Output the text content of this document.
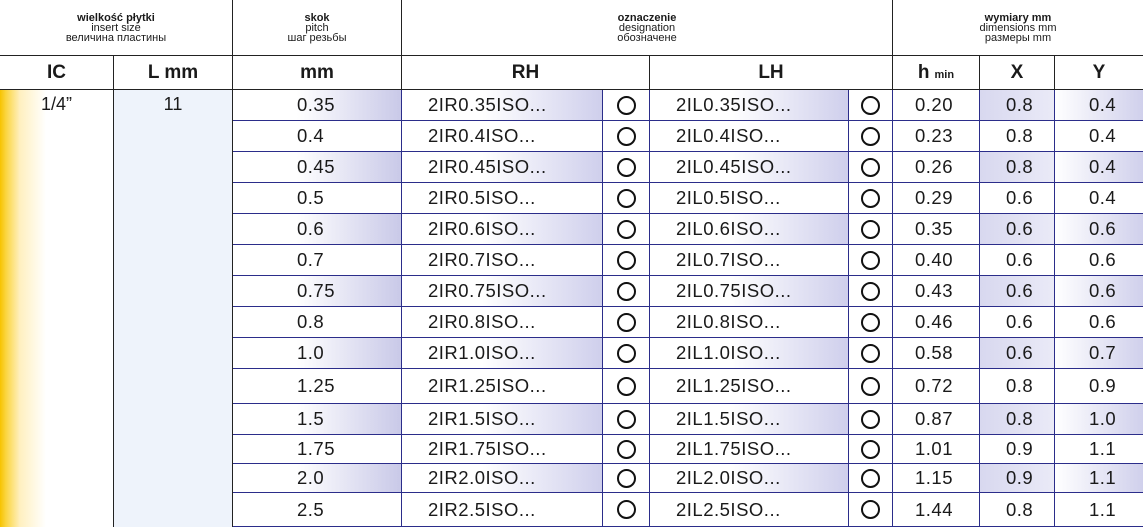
wielkość płytki
insert size
величина пластины
skok
pitch
шаг резьбы
oznaczenie
designation
обозначене
wymiary mm
dimensions mm
размеры mm
IC	L mm	mm	RH	LH	h min	X	Y
1/4”	11	0.35	2IR0.35ISO...	2IL0.35ISO...	0.20	0.8	0.4
0.4	2IR0.4ISO...	2IL0.4ISO...	0.23	0.8	0.4
0.45	2IR0.45ISO...	2IL0.45ISO...	0.26	0.8	0.4
0.5	2IR0.5ISO...	2IL0.5ISO...	0.29	0.6	0.4
0.6	2IR0.6ISO...	2IL0.6ISO...	0.35	0.6	0.6
0.7	2IR0.7ISO...	2IL0.7ISO...	0.40	0.6	0.6
0.75	2IR0.75ISO...	2IL0.75ISO...	0.43	0.6	0.6
0.8	2IR0.8ISO...	2IL0.8ISO...	0.46	0.6	0.6
1.0	2IR1.0ISO...	2IL1.0ISO...	0.58	0.6	0.7
1.25	2IR1.25ISO...	2IL1.25ISO...	0.72	0.8	0.9
1.5	2IR1.5ISO...	2IL1.5ISO...	0.87	0.8	1.0
1.75	2IR1.75ISO...	2IL1.75ISO...	1.01	0.9	1.1
2.0	2IR2.0ISO...	2IL2.0ISO...	1.15	0.9	1.1
2.5	2IR2.5ISO...	2IL2.5ISO...	1.44	0.8	1.1
